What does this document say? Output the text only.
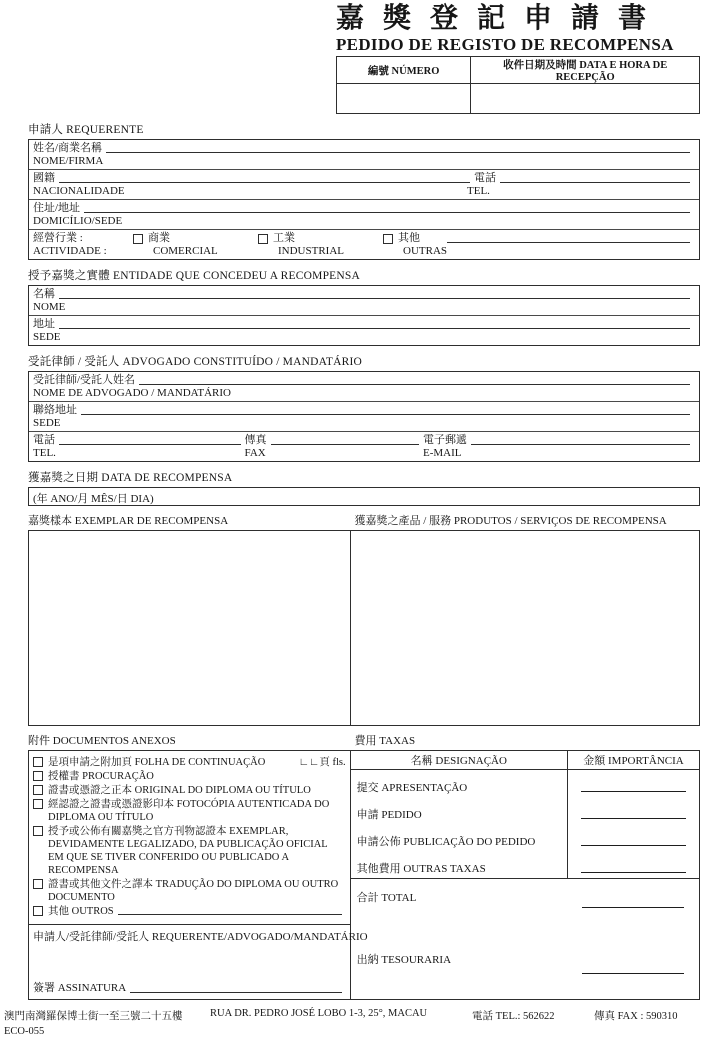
嘉獎登記申請書
PEDIDO DE REGISTO DE RECOMPENSA
編號 NÚMERO	收件日期及時間 DATA E HORA DE RECEPÇÃO

申請人 REQUERENTE
姓名/商業名稱
NOME/FIRMA
國籍	電話
NACIONALIDADE	TEL.
住址/地址
DOMICÍLIO/SEDE
經營行業 :	商業	工業	其他
ACTIVIDADE :	COMERCIAL	INDUSTRIAL	OUTRAS
授予嘉獎之實體 ENTIDADE QUE CONCEDEU A RECOMPENSA
名稱
NOME
地址
SEDE
受託律師 / 受託人 ADVOGADO CONSTITUÍDO / MANDATÁRIO
受託律師/受託人姓名
NOME DE ADVOGADO / MANDATÁRIO
聯絡地址
SEDE
電話	傳真	電子郵遞
TEL.	FAX	E-MAIL
獲嘉獎之日期 DATA DE RECOMPENSA
(年 ANO/月 MÊS/日 DIA)
嘉獎樣本 EXEMPLAR DE RECOMPENSA	獲嘉獎之產品 / 服務 PRODUTOS / SERVIÇOS DE RECOMPENSA
附件 DOCUMENTOS ANEXOS	費用 TAXAS
是項申請之附加頁 FOLHA DE CONTINUAÇÃO	∟∟頁 fls.
授權書 PROCURAÇÃO
證書或憑證之正本 ORIGINAL DO DIPLOMA OU TÍTULO
經認證之證書或憑證影印本 FOTOCÓPIA AUTENTICADA DO DIPLOMA OU TÍTULO
授予或公佈有關嘉獎之官方刊物認證本 EXEMPLAR, DEVIDAMENTE LEGALIZADO, DA PUBLICAÇÃO OFICIAL EM QUE SE TIVER CONFERIDO OU PUBLICADO A RECOMPENSA
證書或其他文件之譯本 TRADUÇÃO DO DIPLOMA OU OUTRO DOCUMENTO
其他 OUTROS
申請人/受託律師/受託人 REQUERENTE/ADVOGADO/MANDATÁRIO
簽署 ASSINATURA
名稱 DESIGNAÇÃO	金額 IMPORTÂNCIA
提交 APRESENTAÇÃO
申請 PEDIDO
申請公佈 PUBLICAÇÃO DO PEDIDO
其他費用 OUTRAS TAXAS
合計 TOTAL
出納 TESOURARIA
澳門南灣羅保博士街一至三號二十五樓	RUA DR. PEDRO JOSÉ LOBO 1-3, 25°, MACAU	電話 TEL.: 562622	傳真 FAX : 590310
ECO-055
